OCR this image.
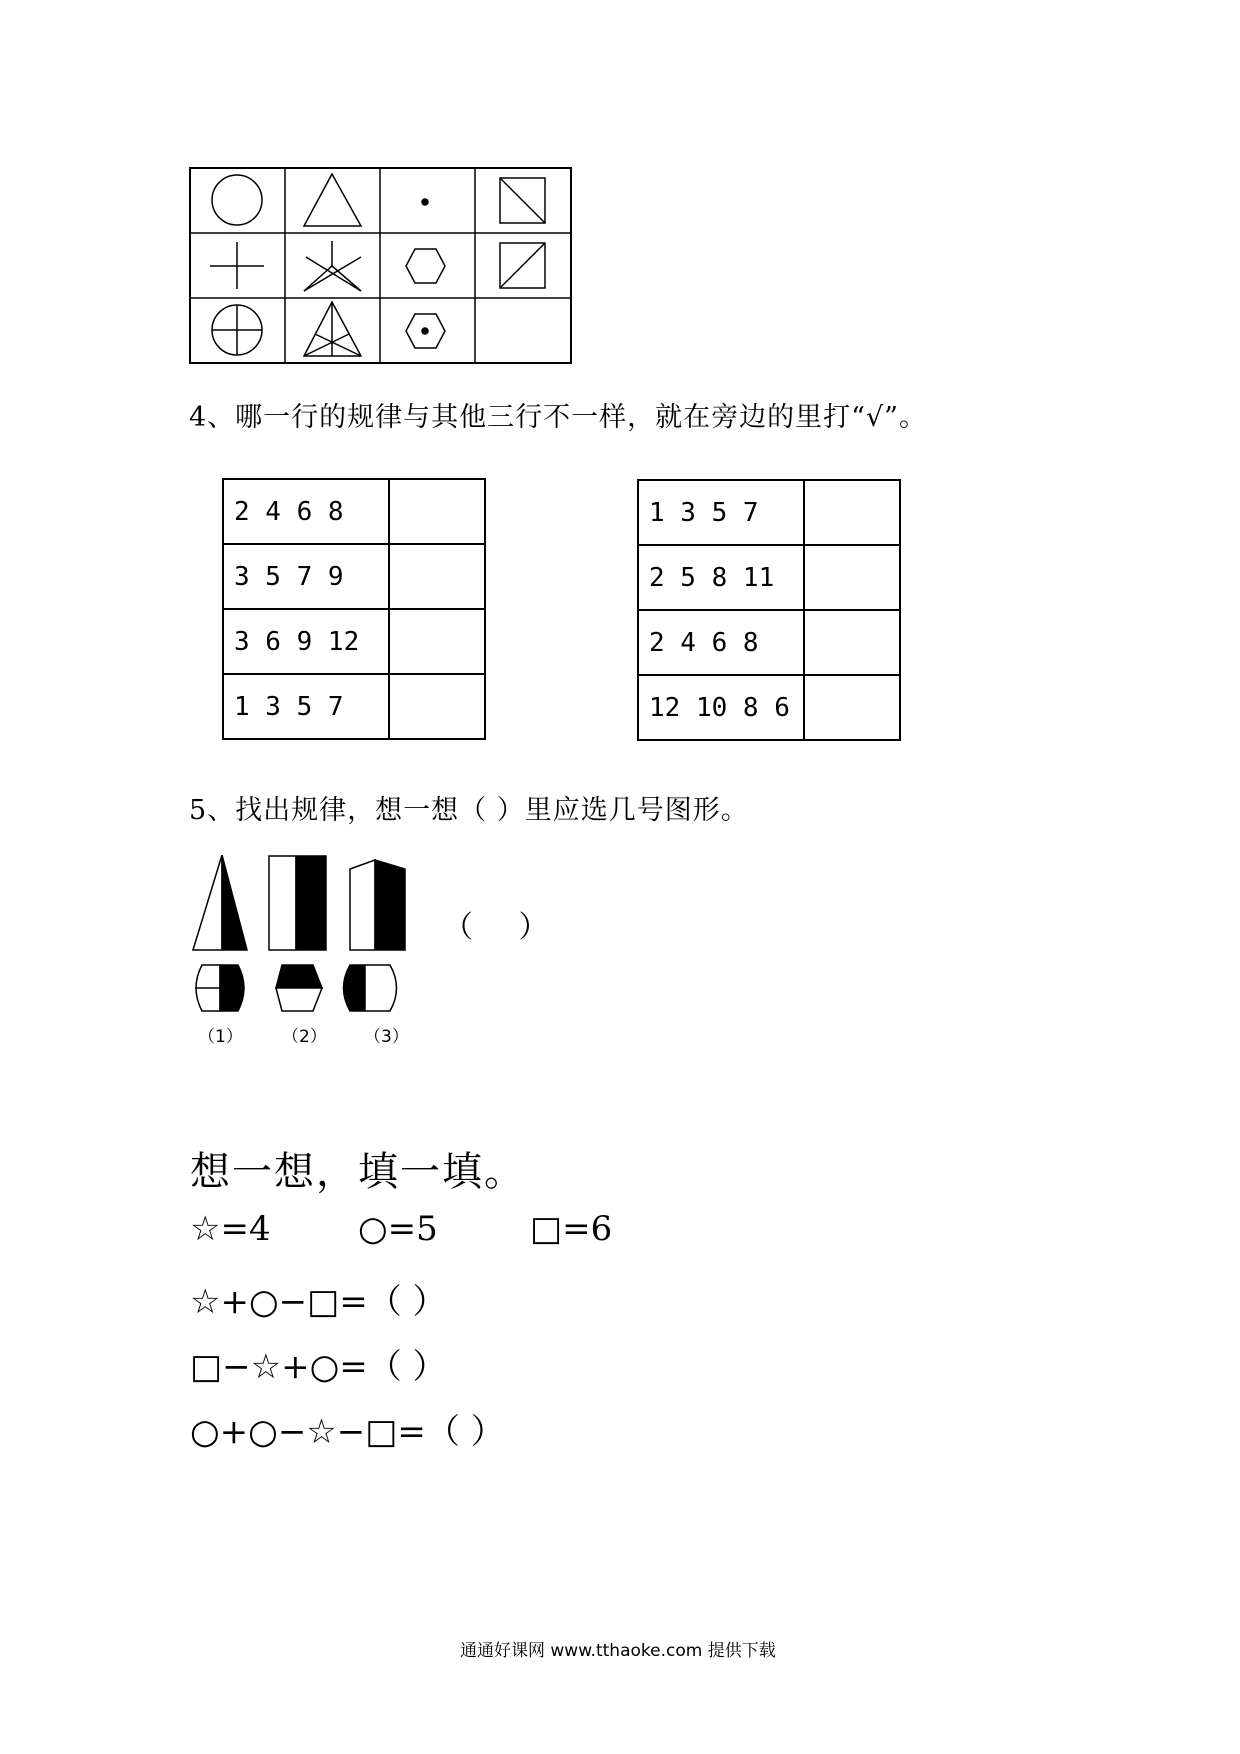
4、哪一行的规律与其他三行不一样，就在旁边的里打“√”。
2 4 6 8	
3 5 7 9	
3 6 9 12	
1 3 5 7	
1 3 5 7	
2 5 8 11	
2 4 6 8	
12 10 8 6	
5、找出规律，想一想（ ）里应选几号图形。
（ ）
（1） （2） （3）
想一想，填一填。
☆=4	○=5	□=6
☆+○−□=（ ）
□−☆+○=（ ）
○+○−☆−□=（ ）
通通好课网 www.tthaoke.com 提供下载
